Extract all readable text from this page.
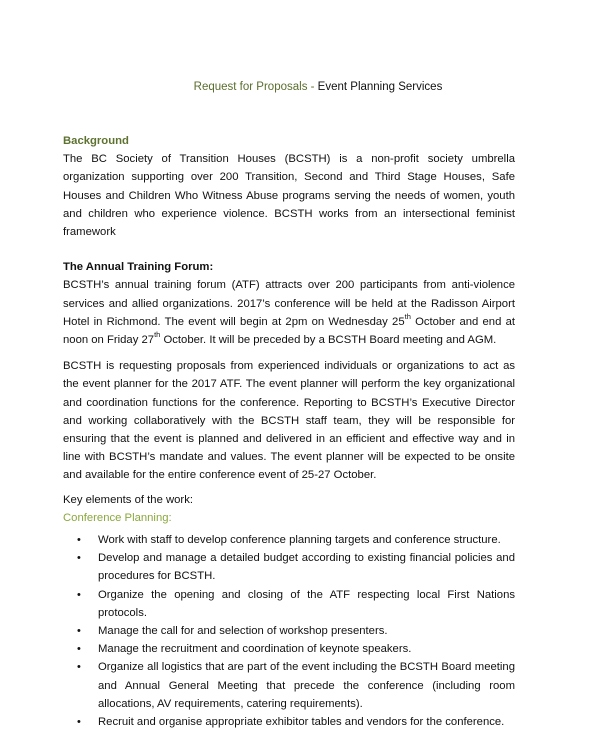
Request for Proposals - Event Planning Services
Background

The BC Society of Transition Houses (BCSTH) is a non-profit society umbrella organization supporting over 200 Transition, Second and Third Stage Houses, Safe Houses and Children Who Witness Abuse programs serving the needs of women, youth and children who experience violence. BCSTH works from an intersectional feminist framework

The Annual Training Forum:

BCSTH’s annual training forum (ATF) attracts over 200 participants from anti-violence services and allied organizations. 2017’s conference will be held at the Radisson Airport Hotel in Richmond. The event will begin at 2pm on Wednesday 25th October and end at noon on Friday 27th October. It will be preceded by a BCSTH Board meeting and AGM.

BCSTH is requesting proposals from experienced individuals or organizations to act as the event planner for the 2017 ATF. The event planner will perform the key organizational and coordination functions for the conference. Reporting to BCSTH’s Executive Director and working collaboratively with the BCSTH staff team, they will be responsible for ensuring that the event is planned and delivered in an efficient and effective way and in line with BCSTH’s mandate and values. The event planner will be expected to be onsite and available for the entire conference event of 25-27 October.

Key elements of the work:
Conference Planning:
• Work with staff to develop conference planning targets and conference structure.
• Develop and manage a detailed budget according to existing financial policies and procedures for BCSTH.
• Organize the opening and closing of the ATF respecting local First Nations protocols.
• Manage the call for and selection of workshop presenters.
• Manage the recruitment and coordination of keynote speakers.
• Organize all logistics that are part of the event including the BCSTH Board meeting and Annual General Meeting that precede the conference (including room allocations, AV requirements, catering requirements).
• Recruit and organise appropriate exhibitor tables and vendors for the conference.
